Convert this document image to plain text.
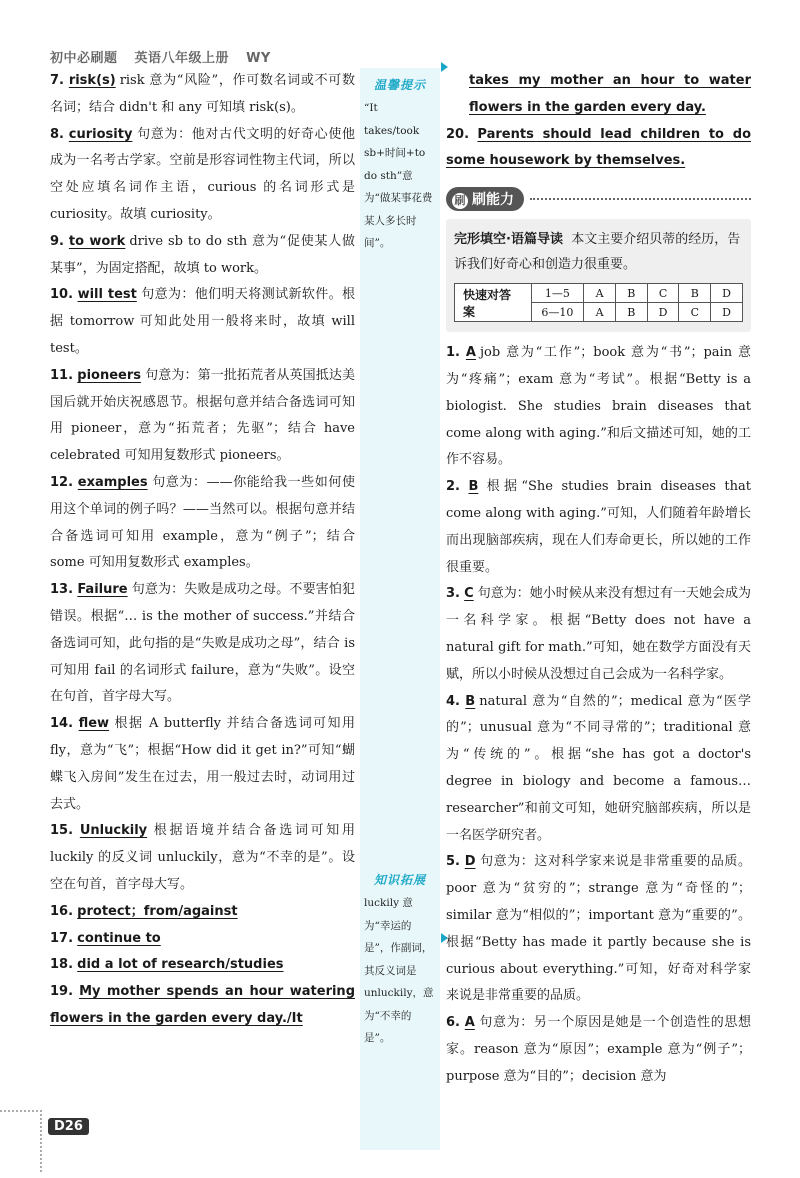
初中必刷题 英语八年级上册 WY

7. risk(s) risk 意为“风险”，作可数名词或不可数名词；结合 didn't 和 any 可知填 risk(s)。

8. curiosity 句意为：他对古代文明的好奇心使他成为一名考古学家。空前是形容词性物主代词，所以空处应填名词作主语，curious 的名词形式是 curiosity。故填 curiosity。

9. to work drive sb to do sth 意为“促使某人做某事”，为固定搭配，故填 to work。

10. will test 句意为：他们明天将测试新软件。根据 tomorrow 可知此处用一般将来时，故填 will test。

11. pioneers 句意为：第一批拓荒者从英国抵达美国后就开始庆祝感恩节。根据句意并结合备选词可知用 pioneer，意为“拓荒者；先驱”；结合 have celebrated 可知用复数形式 pioneers。

12. examples 句意为：——你能给我一些如何使用这个单词的例子吗？——当然可以。根据句意并结合备选词可知用 example，意为“例子”；结合 some 可知用复数形式 examples。

13. Failure 句意为：失败是成功之母。不要害怕犯错误。根据“… is the mother of success.”并结合备选词可知，此句指的是“失败是成功之母”，结合 is 可知用 fail 的名词形式 failure，意为“失败”。设空在句首，首字母大写。

14. flew 根据 A butterfly 并结合备选词可知用 fly，意为“飞”；根据“How did it get in?”可知“蝴蝶飞入房间”发生在过去，用一般过去时，动词用过去式。

15. Unluckily 根据语境并结合备选词可知用 luckily 的反义词 unluckily，意为“不幸的是”。设空在句首，首字母大写。

16. protect；from/against

17. continue to

18. did a lot of research/studies

19. My mother spends an hour watering flowers in the garden every day./It

温馨提示
“It takes/took sb+时间+to do sth”意为“做某事花费某人多长时间”。
知识拓展
luckily 意为“幸运的是”，作副词，其反义词是 unluckily，意为“不幸的是”。

takes my mother an hour to water flowers in the garden every day.

20. Parents should lead children to do some housework by themselves.

刷 刷能力

完形填空·语篇导读 本文主要介绍贝蒂的经历，告诉我们好奇心和创造力很重要。

快速对答案
1—5	A	B	C	B	D
6—10	A	B	D	C	D

1. A job 意为“工作”；book 意为“书”；pain 意为“疼痛”；exam 意为“考试”。根据“Betty is a biologist. She studies brain diseases that come along with aging.”和后文描述可知，她的工作不容易。

2. B 根据“She studies brain diseases that come along with aging.”可知，人们随着年龄增长而出现脑部疾病，现在人们寿命更长，所以她的工作很重要。

3. C 句意为：她小时候从来没有想过有一天她会成为一名科学家。根据“Betty does not have a natural gift for math.”可知，她在数学方面没有天赋，所以小时候从没想过自己会成为一名科学家。

4. B natural 意为“自然的”；medical 意为“医学的”；unusual 意为“不同寻常的”；traditional 意为“传统的”。根据“she has got a doctor's degree in biology and become a famous… researcher”和前文可知，她研究脑部疾病，所以是一名医学研究者。

5. D 句意为：这对科学家来说是非常重要的品质。poor 意为“贫穷的”；strange 意为“奇怪的”；similar 意为“相似的”；important 意为“重要的”。根据“Betty has made it partly because she is curious about everything.”可知，好奇对科学家来说是非常重要的品质。

6. A 句意为：另一个原因是她是一个创造性的思想家。reason 意为“原因”；example 意为“例子”；purpose 意为“目的”；decision 意为

D26
